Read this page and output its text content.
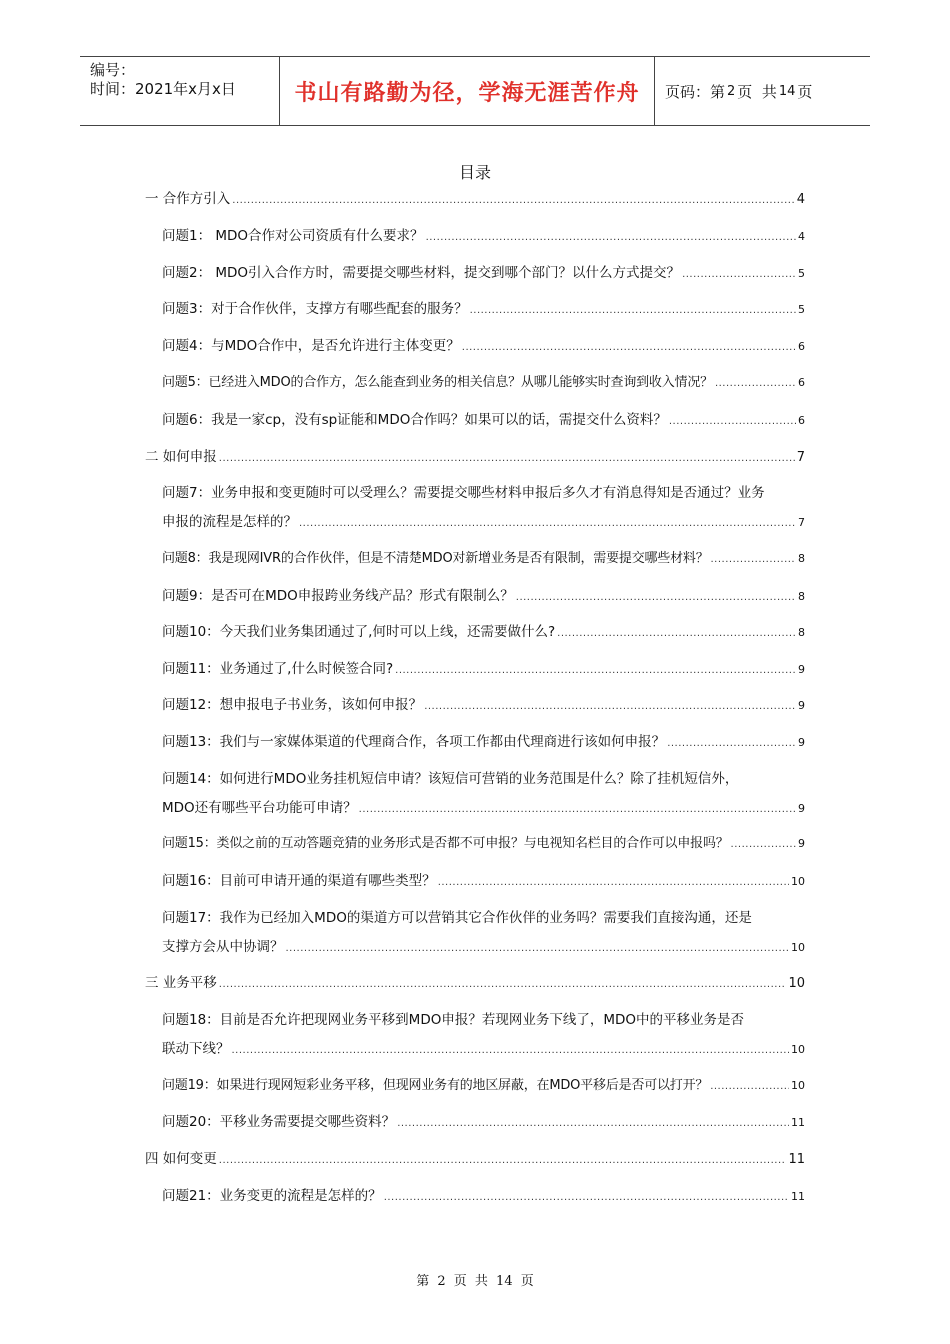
编号：
时间：2021年x月x日	书山有路勤为径，学海无涯苦作舟	页码：第 2 页  共 14 页
目录
一 合作方引入 .....	4
问题1： MDO合作对公司资质有什么要求？ .....	4
问题2： MDO引入合作方时，需要提交哪些材料，提交到哪个部门？以什么方式提交？ .....	5
问题3：对于合作伙伴，支撑方有哪些配套的服务？ .....	5
问题4：与MDO合作中，是否允许进行主体变更？ .....	6
问题5：已经进入MDO的合作方，怎么能查到业务的相关信息？从哪儿能够实时查询到收入情况？ .....	6
问题6：我是一家cp，没有sp证能和MDO合作吗？如果可以的话，需提交什么资料？ .....	6
二 如何申报 .....	7
问题7：业务申报和变更随时可以受理么？需要提交哪些材料申报后多久才有消息得知是否通过？业务
申报的流程是怎样的？ .....	7
问题8：我是现网IVR的合作伙伴，但是不清楚MDO对新增业务是否有限制，需要提交哪些材料？ .....	8
问题9：是否可在MDO申报跨业务线产品？形式有限制么？ .....	8
问题10：今天我们业务集团通过了,何时可以上线，还需要做什么? .....	8
问题11：业务通过了,什么时候签合同? .....	9
问题12：想申报电子书业务，该如何申报？ .....	9
问题13：我们与一家媒体渠道的代理商合作，各项工作都由代理商进行该如何申报？ .....	9
问题14：如何进行MDO业务挂机短信申请？该短信可营销的业务范围是什么？除了挂机短信外，
MDO还有哪些平台功能可申请？ .....	9
问题15：类似之前的互动答题竞猜的业务形式是否都不可申报？与电视知名栏目的合作可以申报吗？ .....	9
问题16：目前可申请开通的渠道有哪些类型？ .....	10
问题17：我作为已经加入MDO的渠道方可以营销其它合作伙伴的业务吗？需要我们直接沟通，还是
支撑方会从中协调？ .....	10
三 业务平移 .....	10
问题18：目前是否允许把现网业务平移到MDO申报？若现网业务下线了，MDO中的平移业务是否
联动下线？ .....	10
问题19：如果进行现网短彩业务平移，但现网业务有的地区屏蔽，在MDO平移后是否可以打开？ .....	10
问题20：平移业务需要提交哪些资料？ .....	11
四 如何变更 .....	11
问题21：业务变更的流程是怎样的？ .....	11
第 2 页 共 14 页
